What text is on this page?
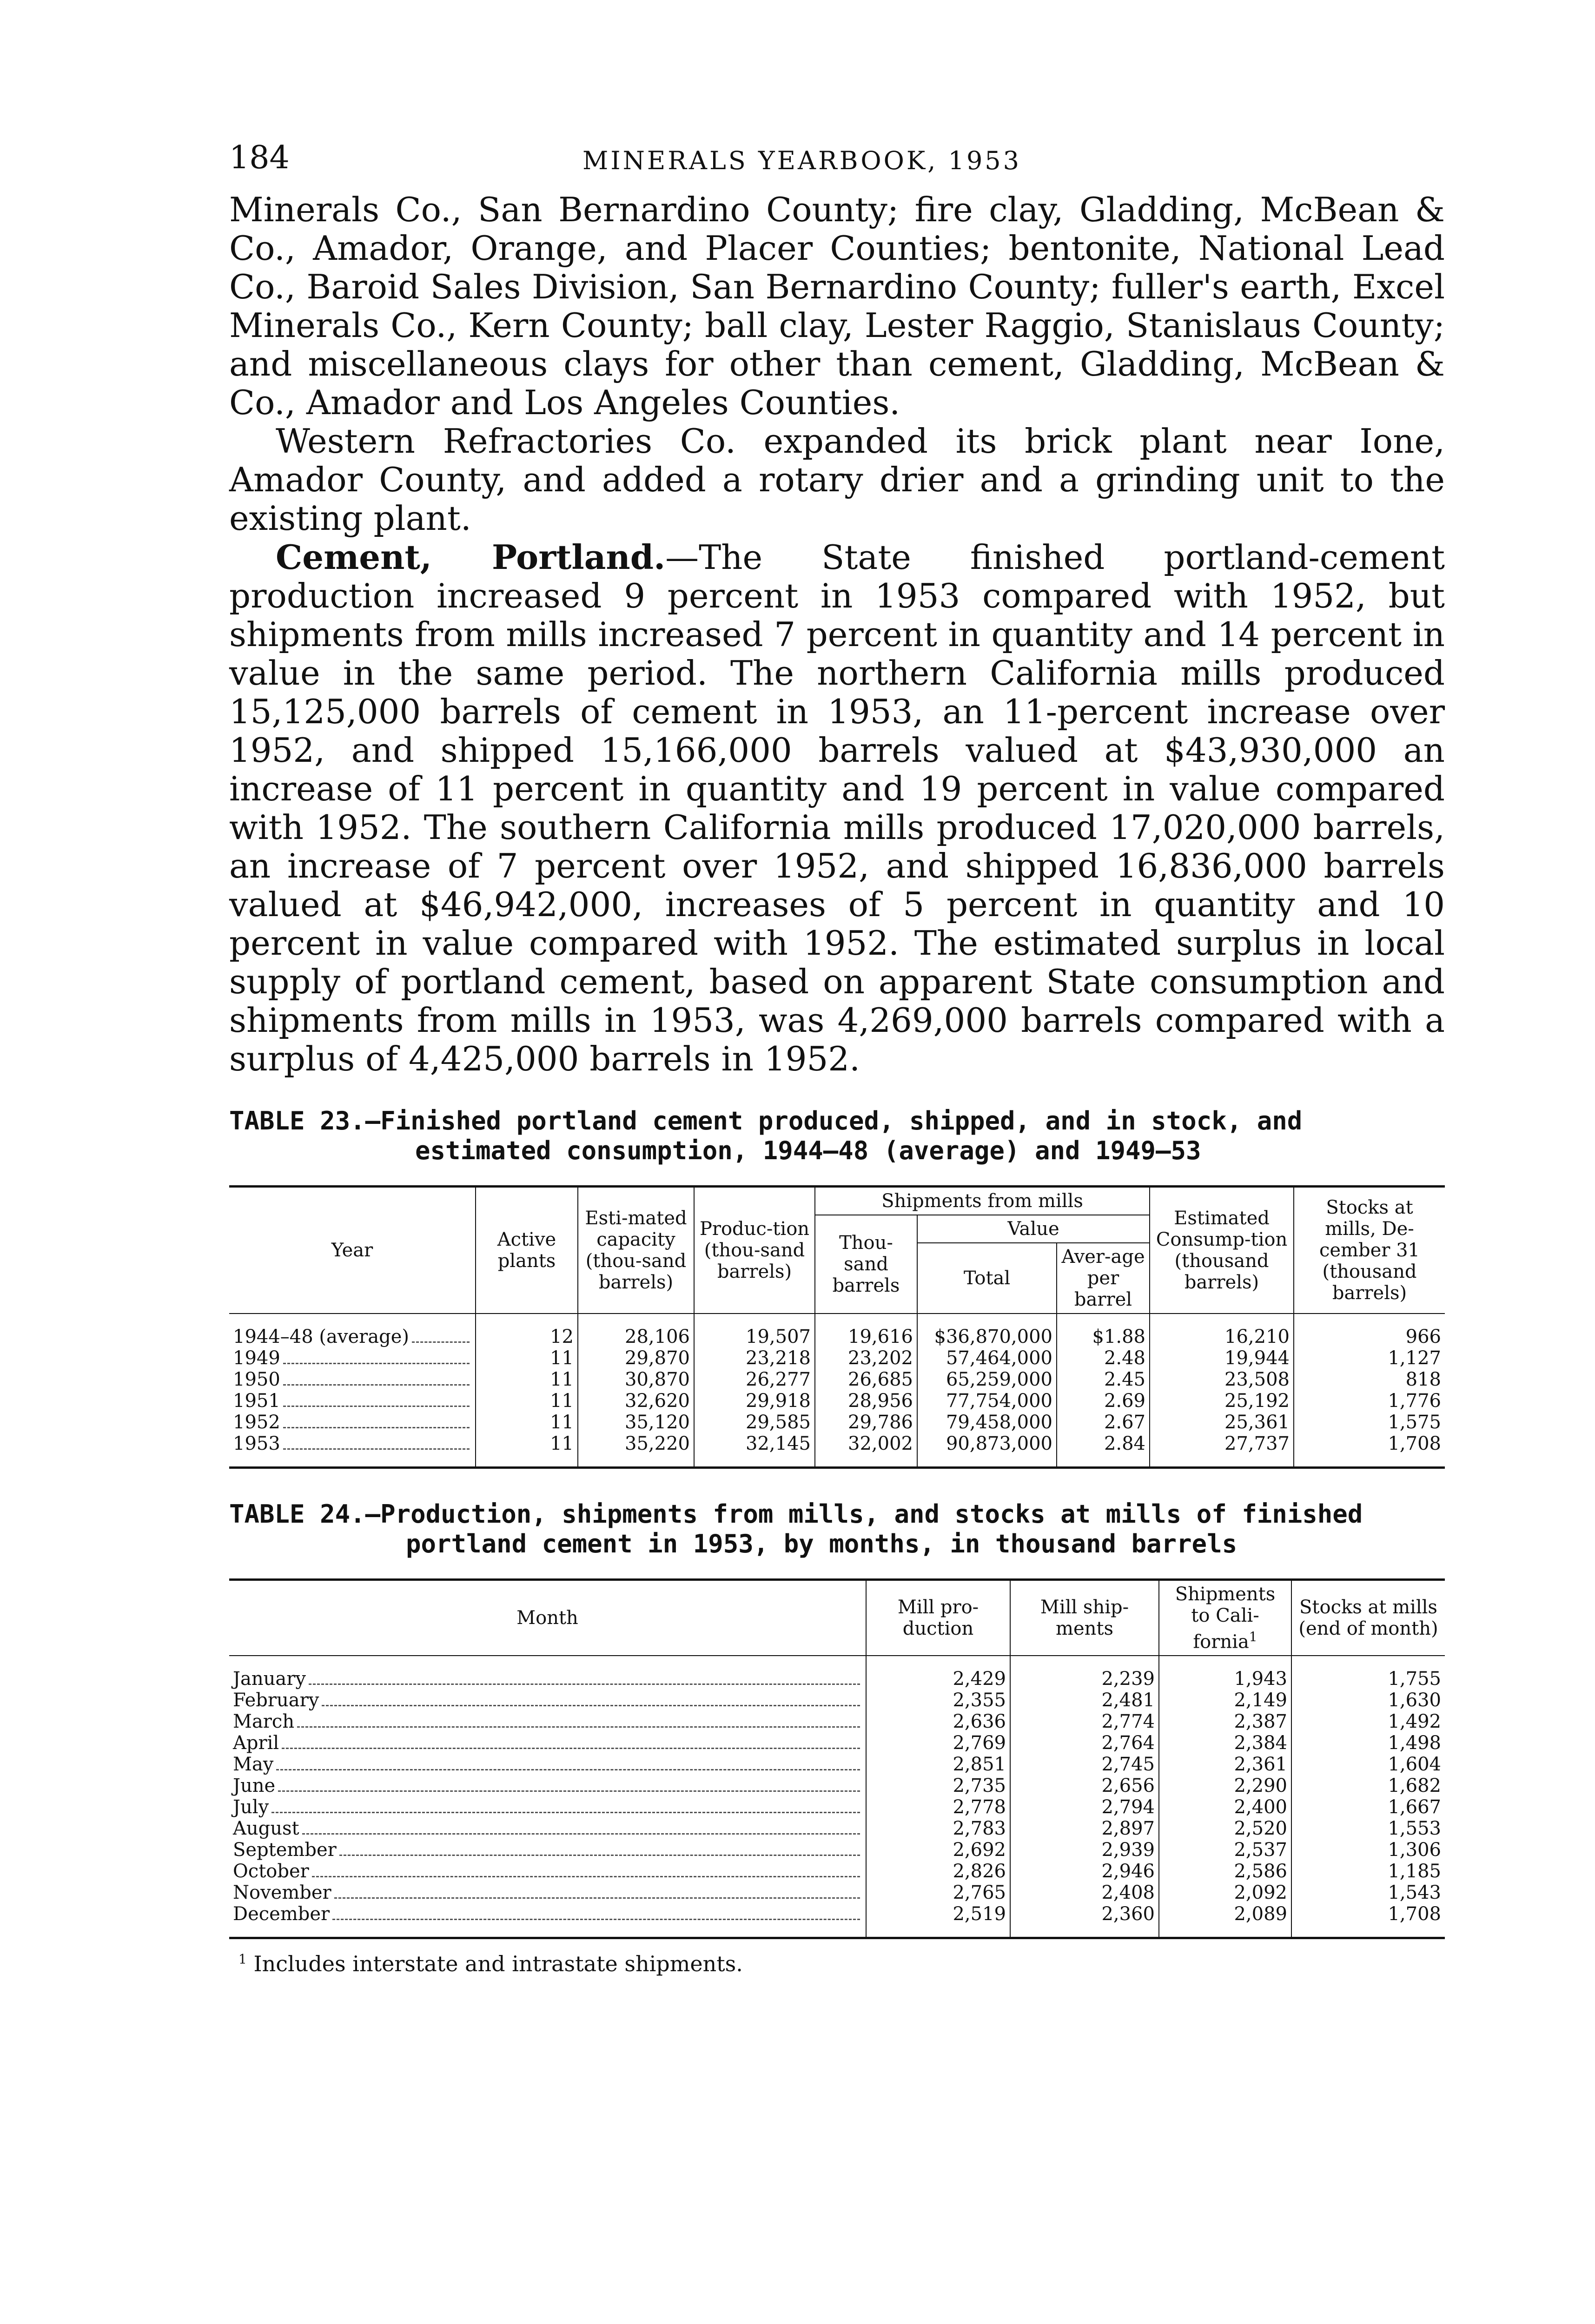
184	MINERALS YEARBOOK, 1953

Minerals Co., San Bernardino County; fire clay, Gladding, McBean & Co., Amador, Orange, and Placer Counties; bentonite, National Lead Co., Baroid Sales Division, San Bernardino County; fuller's earth, Excel Minerals Co., Kern County; ball clay, Lester Raggio, Stanislaus County; and miscellaneous clays for other than cement, Gladding, McBean & Co., Amador and Los Angeles Counties.

Western Refractories Co. expanded its brick plant near Ione, Amador County, and added a rotary drier and a grinding unit to the existing plant.

Cement, Portland.—The State finished portland-cement production increased 9 percent in 1953 compared with 1952, but shipments from mills increased 7 percent in quantity and 14 percent in value in the same period. The northern California mills produced 15,125,000 barrels of cement in 1953, an 11-percent increase over 1952, and shipped 15,166,000 barrels valued at $43,930,000 an increase of 11 percent in quantity and 19 percent in value compared with 1952. The southern California mills produced 17,020,000 barrels, an increase of 7 percent over 1952, and shipped 16,836,000 barrels valued at $46,942,000, increases of 5 percent in quantity and 10 percent in value compared with 1952. The estimated surplus in local supply of portland cement, based on apparent State consumption and shipments from mills in 1953, was 4,269,000 barrels compared with a surplus of 4,425,000 barrels in 1952.

TABLE 23.—Finished portland cement produced, shipped, and in stock, and
estimated consumption, 1944–48 (average) and 1949–53

Year	Active plants	Esti-mated capacity (thou-sand barrels)	Produc-tion (thou-sand barrels)	Shipments from mills			Estimated Consump-tion (thousand barrels)	Stocks at mills, De-cember 31 (thousand barrels)
				Thou-sand barrels	Value			
					Total	Aver-age per barrel		

1944–48 (average)	12	28,106	19,507	19,616	$36,870,000	$1.88	16,210	966

1949	11	29,870	23,218	23,202	57,464,000	2.48	19,944	1,127

1950	11	30,870	26,277	26,685	65,259,000	2.45	23,508	818

1951	11	32,620	29,918	28,956	77,754,000	2.69	25,192	1,776

1952	11	35,120	29,585	29,786	79,458,000	2.67	25,361	1,575

1953	11	35,220	32,145	32,002	90,873,000	2.84	27,737	1,708

TABLE 24.—Production, shipments from mills, and stocks at mills of finished
portland cement in 1953, by months, in thousand barrels

Month	Mill pro-duction	Mill ship-ments	Shipments to Cali-fornia$^1$	Stocks at mills (end of month)

January	2,429	2,239	1,943	1,755

February	2,355	2,481	2,149	1,630

March	2,636	2,774	2,387	1,492

April	2,769	2,764	2,384	1,498

May	2,851	2,745	2,361	1,604

June	2,735	2,656	2,290	1,682

July	2,778	2,794	2,400	1,667

August	2,783	2,897	2,520	1,553

September	2,692	2,939	2,537	1,306

October	2,826	2,946	2,586	1,185

November	2,765	2,408	2,092	1,543

December	2,519	2,360	2,089	1,708

$^1$ Includes interstate and intrastate shipments.
